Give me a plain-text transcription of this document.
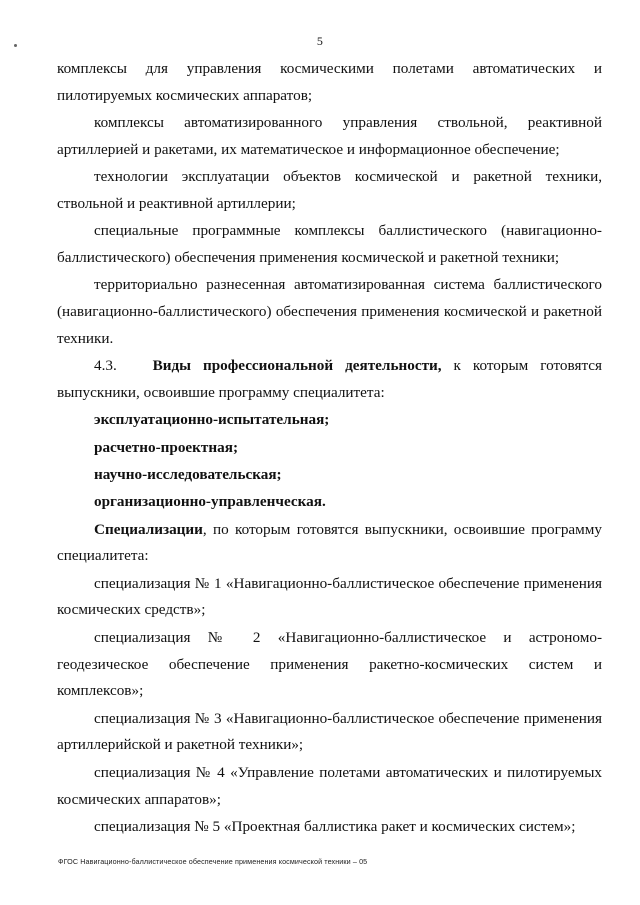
5

комплексы для управления космическими полетами автоматических и пилотируемых космических аппаратов;

комплексы автоматизированного управления ствольной, реактивной артиллерией и ракетами, их математическое и информационное обеспечение;

технологии эксплуатации объектов космической и ракетной техники, ствольной и реактивной артиллерии;

специальные программные комплексы баллистического (навигационно-баллистического) обеспечения применения космической и ракетной техники;

территориально разнесенная автоматизированная система баллистического (навигационно-баллистического) обеспечения применения космической и ракетной техники.

4.3. Виды профессиональной деятельности, к которым готовятся выпускники, освоившие программу специалитета:

эксплуатационно-испытательная;

расчетно-проектная;

научно-исследовательская;

организационно-управленческая.

Специализации, по которым готовятся выпускники, освоившие программу специалитета:

специализация № 1 «Навигационно-баллистическое обеспечение применения космических средств»;

специализация № 2 «Навигационно-баллистическое и астрономо-геодезическое обеспечение применения ракетно-космических систем и комплексов»;

специализация № 3 «Навигационно-баллистическое обеспечение применения артиллерийской и ракетной техники»;

специализация № 4 «Управление полетами автоматических и пилотируемых космических аппаратов»;

специализация № 5 «Проектная баллистика ракет и космических систем»;

ФГОС Навигационно-баллистическое обеспечение применения космической техники – 05
